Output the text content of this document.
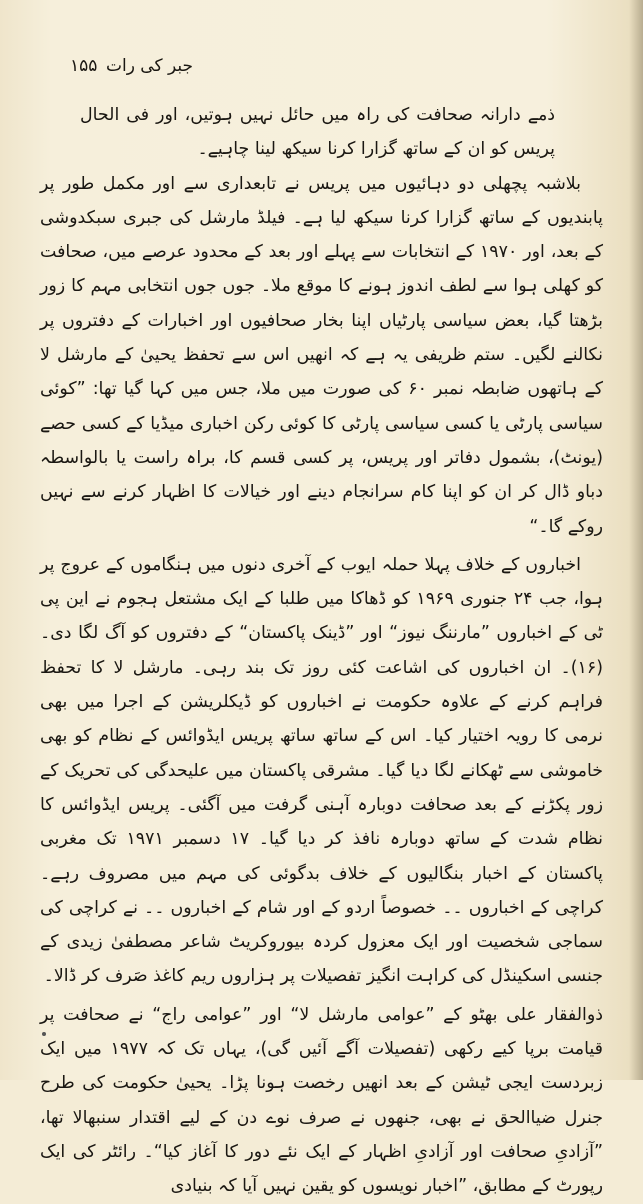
جبر کی رات
۱۵۵

ذمے دارانہ صحافت کی راہ میں حائل نہیں ہوتیں، اور فی الحال پریس کو ان کے ساتھ گزارا کرنا سیکھ لینا چاہیے۔

بلاشبہ پچھلی دو دہائیوں میں پریس نے تابعداری سے اور مکمل طور پر پابندیوں کے ساتھ گزارا کرنا سیکھ لیا ہے۔ فیلڈ مارشل کی جبری سبکدوشی کے بعد، اور ۱۹۷۰ کے انتخابات سے پہلے اور بعد کے محدود عرصے میں، صحافت کو کھلی ہوا سے لطف اندوز ہونے کا موقع ملا۔ جوں جوں انتخابی مہم کا زور بڑھتا گیا، بعض سیاسی پارٹیاں اپنا بخار صحافیوں اور اخبارات کے دفتروں پر نکالنے لگیں۔ ستم ظریفی یہ ہے کہ انھیں اس سے تحفظ یحییٰ کے مارشل لا کے ہاتھوں ضابطہ نمبر ۶۰ کی صورت میں ملا، جس میں کہا گیا تھا: ”کوئی سیاسی پارٹی یا کسی سیاسی پارٹی کا کوئی رکن اخباری میڈیا کے کسی حصے (یونٹ)، بشمول دفاتر اور پریس، پر کسی قسم کا، براہ راست یا بالواسطہ دباو ڈال کر ان کو اپنا کام سرانجام دینے اور خیالات کا اظہار کرنے سے نہیں روکے گا۔“

اخباروں کے خلاف پہلا حملہ ایوب کے آخری دنوں میں ہنگاموں کے عروج پر ہوا، جب ۲۴ جنوری ۱۹۶۹ کو ڈھاکا میں طلبا کے ایک مشتعل ہجوم نے این پی ٹی کے اخباروں ”مارننگ نیوز“ اور ”ڈینک پاکستان“ کے دفتروں کو آگ لگا دی۔ (۱۶)۔ ان اخباروں کی اشاعت کئی روز تک بند رہی۔ مارشل لا کا تحفظ فراہم کرنے کے علاوہ حکومت نے اخباروں کو ڈیکلریشن کے اجرا میں بھی نرمی کا رویہ اختیار کیا۔ اس کے ساتھ ساتھ پریس ایڈوائس کے نظام کو بھی خاموشی سے ٹھکانے لگا دیا گیا۔ مشرقی پاکستان میں علیحدگی کی تحریک کے زور پکڑنے کے بعد صحافت دوبارہ آہنی گرفت میں آگئی۔ پریس ایڈوائس کا نظام شدت کے ساتھ دوبارہ نافذ کر دیا گیا۔ ۱۷ دسمبر ۱۹۷۱ تک مغربی پاکستان کے اخبار بنگالیوں کے خلاف بدگوئی کی مہم میں مصروف رہے۔ کراچی کے اخباروں ۔۔ خصوصاً اردو کے اور شام کے اخباروں ۔۔ نے کراچی کی سماجی شخصیت اور ایک معزول کردہ بیوروکریٹ شاعر مصطفیٰ زیدی کے جنسی اسکینڈل کی کراہت انگیز تفصیلات پر ہزاروں ریم کاغذ صَرف کر ڈالا۔

ذوالفقار علی بھٹو کے ”عوامی مارشل لا“ اور ”عوامی راج“ نے صحافت پر قیامت برپا کیے رکھی (تفصیلات آگے آئیں گی)، یہاں تک کہ ۱۹۷۷ میں ایک زبردست ایجی ٹیشن کے بعد انھیں رخصت ہونا پڑا۔ یحییٰ حکومت کی طرح جنرل ضیاالحق نے بھی، جنھوں نے صرف نوے دن کے لیے اقتدار سنبھالا تھا، ”آزادیِ صحافت اور آزادیِ اظہار کے ایک نئے دور کا آغاز کیا“۔ رائٹر کی ایک رپورٹ کے مطابق، ”اخبار نویسوں کو یقین نہیں آیا کہ بنیادی
